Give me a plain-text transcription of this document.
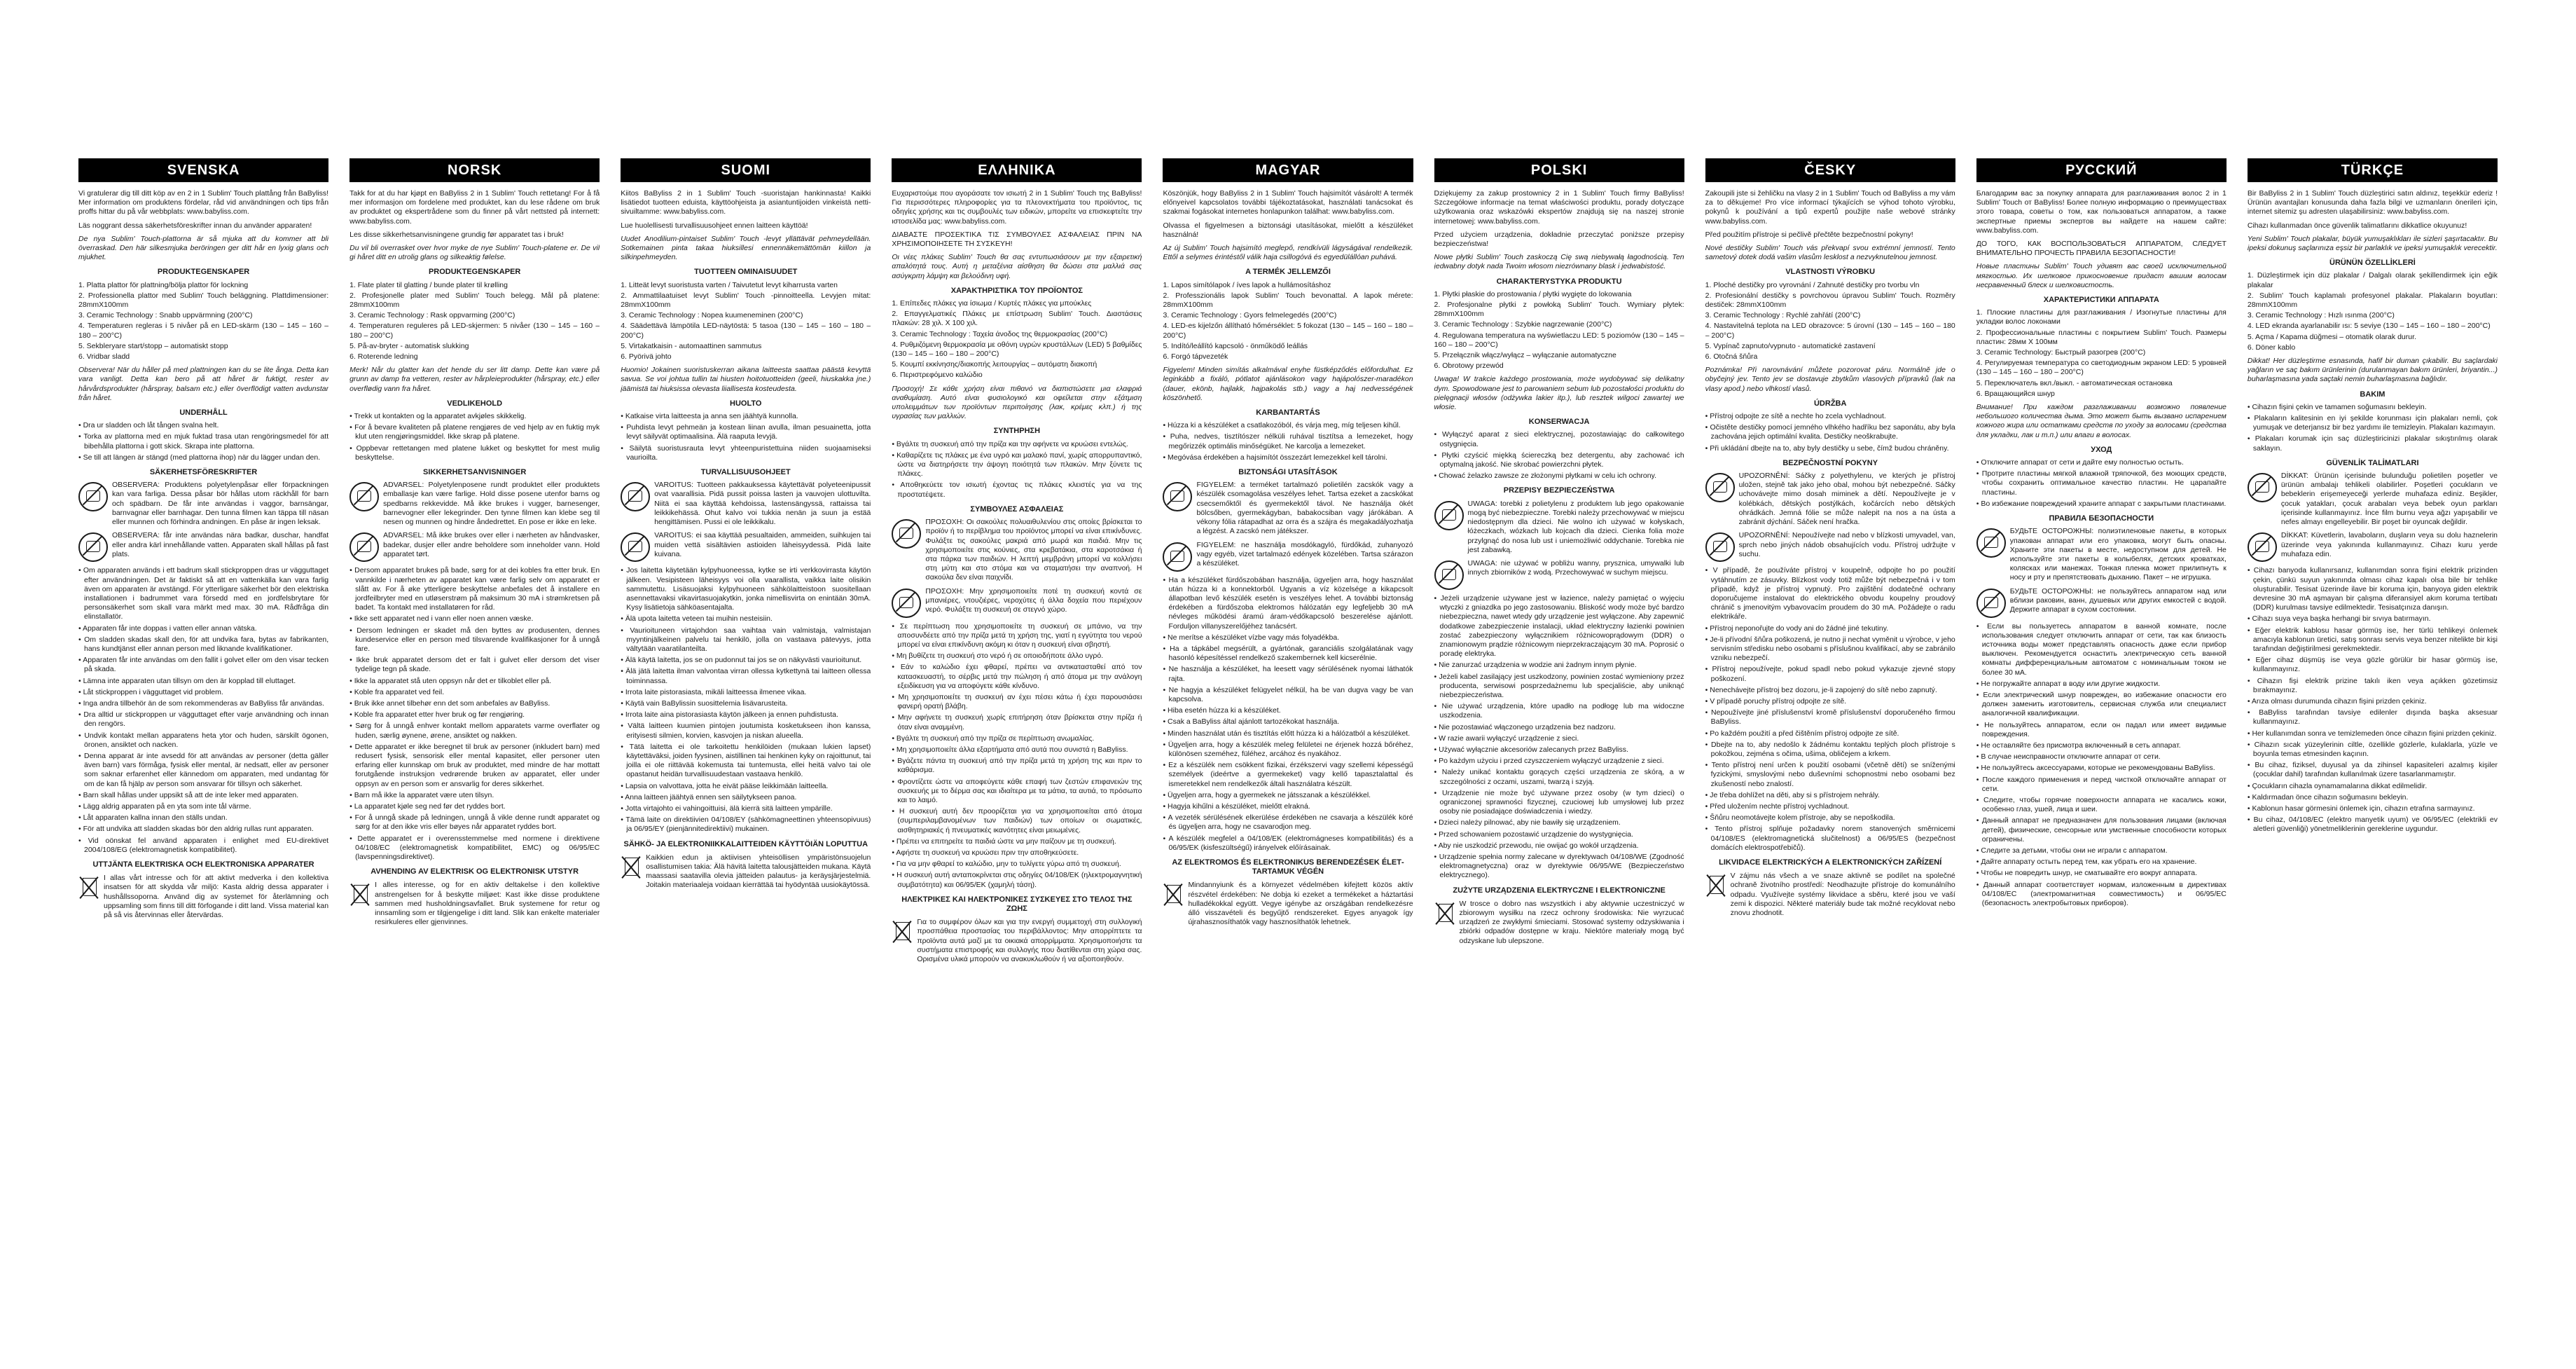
SVENSKA

Vi gratulerar dig till ditt köp av en 2 in 1 Sublim' Touch plattång från BaByliss! Mer information om produktens fördelar, råd vid användningen och tips från proffs hittar du på vår webbplats: www.babyliss.com.

Läs noggrant dessa säkerhetsföreskrifter innan du använder apparaten!

De nya Sublim' Touch-plattorna är så mjuka att du kommer att bli överraskad. Den här silkesmjuka beröringen ger ditt hår en lyxig glans och mjukhet.

PRODUKTEGENSKAPER
1. Platta plattor för plattning/bölja plattor för lockning
2. Professionella plattor med Sublim' Touch beläggning. Plattdimensioner: 28mmX100mm
3. Ceramic Technology : Snabb uppvärmning (200°C)
4. Temperaturen regleras i 5 nivåer på en LED-skärm (130 – 145 – 160 – 180 – 200°C)
5. Sekbleryare start/stopp – automatiskt stopp
6. Vridbar sladd

Observera! När du håller på med plattningen kan du se lite ånga. Detta kan vara vanligt. Detta kan bero på att håret är fuktigt, rester av hårvårdsprodukter (hårspray, balsam etc.) eller överflödigt vatten avdunstar från håret.

UNDERHÅLL
• Dra ur sladden och låt tången svalna helt.
• Torka av plattorna med en mjuk fuktad trasa utan rengöringsmedel för att bibehålla plattorna i gott skick. Skrapa inte plattorna.
• Se till att längen är stängd (med plattorna ihop) när du lägger undan den.
SÄKERHETSFÖRESKRIFTER
OBSERVERA: Produktens polyetylenpåsar eller förpackningen kan vara farliga. Dessa påsar bör hållas utom räckhåll för barn och spädbarn. De får inte användas i vaggor, barnsängar, barnvagnar eller barnhagar. Den tunna filmen kan täppa till näsan eller munnen och förhindra andningen. En påse är ingen leksak.
OBSERVERA: får inte användas nära badkar, duschar, handfat eller andra kärl innehållande vatten. Apparaten skall hållas på fast plats.
• Om apparaten används i ett badrum skall stickproppen dras ur vägguttaget efter användningen. Det är faktiskt så att en vattenkälla kan vara farlig även om apparaten är avstängd. För ytterligare säkerhet bör den elektriska installationen i badrummet vara försedd med en jordfelsbrytare för personsäkerhet som skall vara märkt med max. 30 mA. Rådfråga din elinstallatör.
• Apparaten får inte doppas i vatten eller annan vätska.
• Om sladden skadas skall den, för att undvika fara, bytas av fabrikanten, hans kundtjänst eller annan person med liknande kvalifikationer.
• Apparaten får inte användas om den fallit i golvet eller om den visar tecken på skada.
• Lämna inte apparaten utan tillsyn om den är kopplad till eluttaget.
• Låt stickproppen i vägguttaget vid problem.
• Inga andra tillbehör än de som rekommenderas av BaByliss får användas.
• Dra alltid ur stickproppen ur vägguttaget efter varje användning och innan den rengörs.
• Undvik kontakt mellan apparatens heta ytor och huden, särskilt ögonen, öronen, ansiktet och nacken.
• Denna apparat är inte avsedd för att användas av personer (detta gäller även barn) vars förmåga, fysisk eller mental, är nedsatt, eller av personer som saknar erfarenhet eller kännedom om apparaten, med undantag för om de kan få hjälp av person som ansvarar för tillsyn och säkerhet.
• Barn skall hållas under uppsikt så att de inte leker med apparaten.
• Lägg aldrig apparaten på en yta som inte tål värme.
• Låt apparaten kallna innan den ställs undan.
• För att undvika att sladden skadas bör den aldrig rullas runt apparaten.
• Vid oönskat fel använd apparaten i enlighet med EU-direktivet 2004/108/EG (elektromagnetisk kompatibilitet).
UTTJÄNTA ELEKTRISKA OCH ELEKTRONISKA APPARATER
I allas vårt intresse och för att aktivt medverka i den kollektiva insatsen för att skydda vår miljö: Kasta aldrig dessa apparater i hushållssoporna. Använd dig av systemet för återlämning och uppsamling som finns till ditt förfogande i ditt land. Vissa material kan på så vis återvinnas eller återvärdas.
NORSK

Takk for at du har kjøpt en BaByliss 2 in 1 Sublim' Touch rettetang! For å få mer informasjon om fordelene med produktet, kan du lese rådene om bruk av produktet og ekspertrådene som du finner på vårt nettsted på internett: www.babyliss.com.

Les disse sikkerhetsanvisningene grundig før apparatet tas i bruk!

Du vil bli overrasket over hvor myke de nye Sublim' Touch-platene er. De vil gi håret ditt en utrolig glans og silkeaktig følelse.

PRODUKTEGENSKAPER
1. Flate plater til glatting / bunde plater til krølling
2. Profesjonelle plater med Sublim' Touch belegg. Mål på platene: 28mmX100mm
3. Ceramic Technology : Rask oppvarming (200°C)
4. Temperaturen reguleres på LED-skjermen: 5 nivåer (130 – 145 – 160 – 180 – 200°C)
5. På-av-bryter - automatisk slukking
6. Roterende ledning

Merk! Når du glatter kan det hende du ser litt damp. Dette kan være på grunn av damp fra vetteren, rester av hårpleieprodukter (hårspray, etc.) eller overflødig vann fra håret.

VEDLIKEHOLD
• Trekk ut kontakten og la apparatet avkjøles skikkelig.
• For å bevare kvaliteten på platene rengjøres de ved hjelp av en fuktig myk klut uten rengjøringsmiddel. Ikke skrap på platene.
• Oppbevar rettetangen med platene lukket og beskyttet for mest mulig beskyttelse.
SIKKERHETSANVISNINGER
ADVARSEL: Polyetylenposene rundt produktet eller produktets emballasje kan være farlige. Hold disse posene utenfor barns og spedbarns rekkevidde. Må ikke brukes i vugger, barnesenger, barnevogner eller lekegrinder. Den tynne filmen kan klebe seg til nesen og munnen og hindre åndedrettet. En pose er ikke en leke.
ADVARSEL: Må ikke brukes over eller i nærheten av håndvasker, badekar, dusjer eller andre beholdere som inneholder vann. Hold apparatet tørt.
• Dersom apparatet brukes på bade, sørg for at dei kobles fra etter bruk. En vannkilde i nærheten av apparatet kan være farlig selv om apparatet er slått av. For å øke ytterligere beskyttelse anbefales det å installere en jordfeilbryter med en utløserstrøm på maksimum 30 mA i strømkretsen på badet. Ta kontakt med installatøren for råd.
• Ikke sett apparatet ned i vann eller noen annen væske.
• Dersom ledningen er skadet må den byttes av produsenten, dennes kundeservice eller en person med tilsvarende kvalifikasjoner for å unngå fare.
• Ikke bruk apparatet dersom det er falt i gulvet eller dersom det viser tydelige tegn på skade.
• Ikke la apparatet stå uten oppsyn når det er tilkoblet eller på.
• Koble fra apparatet ved feil.
• Bruk ikke annet tilbehør enn det som anbefales av BaByliss.
• Koble fra apparatet etter hver bruk og før rengjøring.
• Sørg for å unngå enhver kontakt mellom apparatets varme overflater og huden, særlig øynene, ørene, ansiktet og nakken.
• Dette apparatet er ikke beregnet til bruk av personer (inkludert barn) med redusert fysisk, sensorisk eller mental kapasitet, eller personer uten erfaring eller kunnskap om bruk av produktet, med mindre de har mottatt forutgående instruksjon vedrørende bruken av apparatet, eller under oppsyn av en person som er ansvarlig for deres sikkerhet.
• Barn må ikke la apparatet være uten tilsyn.
• La apparatet kjøle seg ned før det ryddes bort.
• For å unngå skade på ledningen, unngå å vikle denne rundt apparatet og sørg for at den ikke vris eller bøyes når apparatet ryddes bort.
• Dette apparatet er i overensstemmelse med normene i direktivene 04/108/EC (elektromagnetisk kompatibilitet, EMC) og 06/95/EC (lavspenningsdirektivet).
AVHENDING AV ELEKTRISK OG ELEKTRONISK UTSTYR
I alles interesse, og for en aktiv deltakelse i den kollektive anstrengelsen for å beskytte miljøet: Kast ikke disse produktene sammen med husholdningsavfallet. Bruk systemene for retur og innsamling som er tilgjengelige i ditt land. Slik kan enkelte materialer resirkuleres eller gjenvinnes.
SUOMI

Kiitos BaByliss 2 in 1 Sublim' Touch -suoristajan hankinnasta! Kaikki lisätiedot tuotteen eduista, käyttöohjeista ja asiantuntijoiden vinkeistä nettisivuiltamme: www.babyliss.com.

Lue huolellisesti turvallisuusohjeet ennen laitteen käyttöä!

Uudet Anodilium-pintaiset Sublim' Touch -levyt yllättävät pehmeydellään. Sotkemainen pinta takaa hiuksillesi ennennäkemättömän kiillon ja silkinpehmeyden.

TUOTTEEN OMINAISUUDET
1. Litteät levyt suoristusta varten / Taivutetut levyt kiharrusta varten
2. Ammattilaatuiset levyt Sublim' Touch -pinnoitteella. Levyjen mitat: 28mmX100mm
3. Ceramic Technology : Nopea kuumeneminen (200°C)
4. Säädettävä lämpötila LED-näytöstä: 5 tasoa (130 – 145 – 160 – 180 – 200°C)
5. Virtakatkaisin - automaattinen sammutus
6. Pyörivä johto

Huomio! Jokainen suoristuskerran aikana laitteesta saattaa päästä kevyttä savua. Se voi johtua tullin tai hiusten hoitotuotteiden (geeli, hiuskakka jne.) jäämistä tai hiuksissa olevasta liiallisesta kosteudesta.

HUOLTO
• Katkaise virta laitteesta ja anna sen jäähtyä kunnolla.
• Puhdista levyt pehmeän ja kostean liinan avulla, ilman pesuainetta, jotta levyt säilyvät optimaalisina. Älä raaputa levyjä.
• Säilytä suoristusrauta levyt yhteenpuristettuina niiden suojaamiseksi vaurioilta.
TURVALLISUUSOHJEET
VAROITUS: Tuotteen pakkauksessa käytettävät polyeteenipussit ovat vaarallisia. Pidä pussit poissa lasten ja vauvojen ulottuvilta. Niitä ei saa käyttää kehdoissa, lastensängyssä, rattaissa tai leikkikehässä. Ohut kalvo voi tukkia nenän ja suun ja estää hengittämisen. Pussi ei ole leikkikalu.
VAROITUS: ei saa käyttää pesualtaiden, ammeiden, suihkujen tai muiden vettä sisältävien astioiden läheisyydessä. Pidä laite kuivana.
• Jos laitetta käytetään kylpyhuoneessa, kytke se irti verkkovirrasta käytön jälkeen. Vesipisteen läheisyys voi olla vaarallista, vaikka laite olisikin sammutettu. Lisäsuojaksi kylpyhuoneen sähkölaitteistoon suositellaan asennettavaksi vikavirtasuojakytkin, jonka nimellisvirta on enintään 30mA. Kysy lisätietoja sähköasentajalta.
• Älä upota laitetta veteen tai muihin nesteisiin.
• Vaurioituneen virtajohdon saa vaihtaa vain valmistaja, valmistajan myyntinjälkeinen palvelu tai henkilö, jolla on vastaava pätevyys, jotta vältytään vaaratilanteilta.
• Älä käytä laitetta, jos se on pudonnut tai jos se on näkyvästi vaurioitunut.
• Älä jätä laitetta ilman valvontaa virran ollessa kytkettynä tai laitteen ollessa toiminnassa.
• Irrota laite pistorasiasta, mikäli laitteessa ilmenee vikaa.
• Käytä vain BaBylissin suosittelemia lisävarusteita.
• Irrota laite aina pistorasiasta käytön jälkeen ja ennen puhdistusta.
• Vältä laitteen kuumien pintojen joutumista kosketukseen ihon kanssa, erityisesti silmien, korvien, kasvojen ja niskan alueella.
• Tätä laitetta ei ole tarkoitettu henkilöiden (mukaan lukien lapset) käytettäväksi, joiden fyysinen, aistillinen tai henkinen kyky on rajoittunut, tai joilla ei ole riittävää kokemusta tai tuntemusta, ellei heitä valvo tai ole opastanut heidän turvallisuudestaan vastaava henkilö.
• Lapsia on valvottava, jotta he eivät pääse leikkimään laitteella.
• Anna laitteen jäähtyä ennen sen säilytykseen panoa.
• Jotta virtajohto ei vahingoittuisi, älä kierrä sitä laitteen ympärille.
• Tämä laite on direktiivien 04/108/EY (sähkömagneettinen yhteensopivuus) ja 06/95/EY (pienjännitedirektiivi) mukainen.
SÄHKÖ- JA ELEKTRONIIKKALAITTEIDEN KÄYTTÖIÄN LOPUTTUA
Kaikkien edun ja aktiivisen yhteisöllisen ympäristönsuojelun osallistumisen takia: Älä hävitä laitetta talousjätteiden mukana. Käytä maassasi saatavilla olevia jätteiden palautus- ja keräysjärjestelmiä. Joitakin materiaaleja voidaan kierrättää tai hyödyntää uusiokäytössä.
ΕΛΛΗΝΙΚΑ

Ευχαριστούμε που αγοράσατε τον ισιωτή 2 in 1 Sublim' Touch της BaByliss! Για περισσότερες πληροφορίες για τα πλεονεκτήματα του προϊόντος, τις οδηγίες χρήσης και τις συμβουλές των ειδικών, μπορείτε να επισκεφτείτε την ιστοσελίδα μας: www.babyliss.com.

ΔΙΑΒΑΣΤΕ ΠΡΟΣΕΚΤΙΚΑ ΤΙΣ ΣΥΜΒΟΥΛΕΣ ΑΣΦΑΛΕΙΑΣ ΠΡΙΝ ΝΑ ΧΡΗΣΙΜΟΠΟΙΗΣΕΤΕ ΤΗ ΣΥΣΚΕΥΗ!

Οι νέες πλάκες Sublim' Touch θα σας εντυπωσιάσουν με την εξαιρετική απαλότητά τους. Αυτή η μεταξένια αίσθηση θα δώσει στα μαλλιά σας ασύγκριτη λάμψη και βελούδινη υφή.

ΧΑΡΑΚΤΗΡΙΣΤΙΚΑ ΤΟΥ ΠΡΟΪΟΝΤΟΣ
1. Επίπεδες πλάκες για ίσιωμα / Κυρτές πλάκες για μπούκλες
2. Επαγγελματικές Πλάκες με επίστρωση Sublim' Touch. Διαστάσεις πλακών: 28 χιλ. Χ 100 χιλ.
3. Ceramic Technology : Ταχεία άνοδος της θερμοκρασίας (200°C)
4. Ρυθμιζόμενη θερμοκρασία με οθόνη υγρών κρυστάλλων (LED) 5 βαθμίδες (130 – 145 – 160 – 180 – 200°C)
5. Κουμπί εκκίνησης/διακοπής λειτουργίας – αυτόματη διακοπή
6. Περιστρεφόμενο καλώδιο

Προσοχή! Σε κάθε χρήση είναι πιθανό να διαπιστώσετε μια ελαφριά αναθυμίαση. Αυτό είναι φυσιολογικό και οφείλεται στην εξάτμιση υπολειμμάτων των προϊόντων περιποίησης (λακ, κρέμες κλπ.) ή της υγρασίας των μαλλιών.

ΣΥΝΤΗΡΗΣΗ
• Βγάλτε τη συσκευή από την πρίζα και την αφήνετε να κρυώσει εντελώς.
• Καθαρίζετε τις πλάκες με ένα υγρό και μαλακό πανί, χωρίς απορρυπαντικό, ώστε να διατηρήσετε την άψογη ποιότητά των πλακών. Μην ξύνετε τις πλάκες.
• Αποθηκεύετε τον ισιωτή έχοντας τις πλάκες κλειστές για να της προστατέψετε.
ΣΥΜΒΟΥΛΕΣ ΑΣΦΑΛΕΙΑΣ
ΠΡΟΣΟΧΗ: Οι σακούλες πολυαιθυλενίου στις οποίες βρίσκεται το προϊόν ή το περίβλημα του προϊόντος μπορεί να είναι επικίνδυνες. Φυλάξτε τις σακούλες μακριά από μωρά και παιδιά. Μην τις χρησιμοποιείτε στις κούνιες, στα κρεβατάκια, στα καροτσάκια ή στα πάρκα των παιδιών. Η λεπτή μεμβράνη μπορεί να κολλήσει στη μύτη και στο στόμα και να σταματήσει την αναπνοή. Η σακούλα δεν είναι παιχνίδι.
ΠΡΟΣΟΧΗ: Μην χρησιμοποιείτε ποτέ τη συσκευή κοντά σε μπανιέρες, ντουζιέρες, νεροχύτες ή άλλα δοχεία που περιέχουν νερό. Φυλάξτε τη συσκευή σε στεγνό χώρο.
• Σε περίπτωση που χρησιμοποιείτε τη συσκευή σε μπάνιο, να την αποσυνδέετε από την πρίζα μετά τη χρήση της, γιατί η εγγύτητα του νερού μπορεί να είναι επικίνδυνη ακόμη κι όταν η συσκευή είναι σβηστή.
• Μη βυθίζετε τη συσκευή στο νερό ή σε οποιοδήποτε άλλο υγρό.
• Εάν το καλώδιο έχει φθαρεί, πρέπει να αντικατασταθεί από τον κατασκευαστή, το σέρβις μετά την πώληση ή από άτομα με την ανάλογη εξειδίκευση για να αποφύγετε κάθε κίνδυνο.
• Μη χρησιμοποιείτε τη συσκευή αν έχει πέσει κάτω ή έχει παρουσιάσει φανερή ορατή βλάβη.
• Μην αφήνετε τη συσκευή χωρίς επιτήρηση όταν βρίσκεται στην πρίζα ή όταν είναι αναμμένη.
• Βγάλτε τη συσκευή από την πρίζα σε περίπτωση ανωμαλίας.
• Μη χρησιμοποιείτε άλλα εξαρτήματα από αυτά που συνιστά η BaByliss.
• Βγάζετε πάντα τη συσκευή από την πρίζα μετά τη χρήση της και πριν το καθάρισμα.
• Φροντίζετε ώστε να αποφεύγετε κάθε επαφή των ζεστών επιφανειών της συσκευής με το δέρμα σας και ιδιαίτερα με τα μάτια, τα αυτιά, το πρόσωπο και το λαιμό.
• Η συσκευή αυτή δεν προορίζεται για να χρησιμοποιείται από άτομα (συμπεριλαμβανομένων των παιδιών) των οποίων οι σωματικές, αισθητηριακές ή πνευματικές ικανότητες είναι μειωμένες.
• Πρέπει να επιτηρείτε τα παιδιά ώστε να μην παίζουν με τη συσκευή.
• Αφήστε τη συσκευή να κρυώσει πριν την αποθηκεύσετε.
• Για να μην φθαρεί το καλώδιο, μην το τυλίγετε γύρω από τη συσκευή.
• Η συσκευή αυτή ανταποκρίνεται στις οδηγίες 04/108/ΕΚ (ηλεκτρομαγνητική συμβατότητα) και 06/95/ΕΚ (χαμηλή τάση).
ΗΛΕΚΤΡΙΚΕΣ ΚΑΙ ΗΛΕΚΤΡΟΝΙΚΕΣ ΣΥΣΚΕΥΕΣ ΣΤΟ ΤΕΛΟΣ ΤΗΣ ΖΩΗΣ
Για το συμφέρον όλων και για την ενεργή συμμετοχή στη συλλογική προσπάθεια προστασίας του περιβάλλοντος: Μην απορρίπτετε τα προϊόντα αυτά μαζί με τα οικιακά απορρίμματα. Χρησιμοποιήστε τα συστήματα επιστροφής και συλλογής που διατίθενται στη χώρα σας. Ορισμένα υλικά μπορούν να ανακυκλωθούν ή να αξιοποιηθούν.
MAGYAR

Köszönjük, hogy BaByliss 2 in 1 Sublim' Touch hajsimítót vásárolt! A termék előnyeivel kapcsolatos további tájékoztatásokat, használati tanácsokat és szakmai fogásokat internetes honlapunkon találhat: www.babyliss.com.

Olvassa el figyelmesen a biztonsági utasításokat, mielőtt a készüléket használná!

Az új Sublim' Touch hajsimító meglepő, rendkívüli lágyságával rendelkezik. Ettől a selymes érintéstől válik haja csillogóvá és egyedülállóan puhává.

A TERMÉK JELLEMZŐI
1. Lapos simítólapok / íves lapok a hullámosításhoz
2. Professzionális lapok Sublim' Touch bevonattal. A lapok mérete: 28mmX100mm
3. Ceramic Technology : Gyors felmelegedés (200°C)
4. LED-es kijelzőn állítható hőmérséklet: 5 fokozat (130 – 145 – 160 – 180 – 200°C)
5. Indító/leállító kapcsoló - önműködő leállás
6. Forgó tápvezeték

Figyelem! Minden simítás alkalmával enyhe füstképződés előfordulhat. Ez leginkább a fixáló, pótlatot ajánlásokon vagy hajápolószer-maradékon (dauer, ekönb, hajlakk, hajpakolás stb.) vagy a haj nedvességének köszönhető.

KARBANTARTÁS
• Húzza ki a készüléket a csatlakozóból, és várja meg, míg teljesen kihűl.
• Puha, nedves, tisztítószer nélküli ruhával tisztítsa a lemezeket, hogy megőrizzék optimális minőségüket. Ne karcolja a lemezeket.
• Megóvása érdekében a hajsimítót összezárt lemezekkel kell tárolni.
BIZTONSÁGI UTASÍTÁSOK
FIGYELEM: a terméket tartalmazó polietilén zacskók vagy a készülék csomagolása veszélyes lehet. Tartsa ezeket a zacskókat csecsemőktől és gyermekektől távol. Ne használja ökét bölcsőben, gyermekágyban, babakocsiban vagy járókában. A vékony fólia rátapadhat az orra és a szájra és megakadályozhatja a légzést. A zacskó nem játékszer.
FIGYELEM: ne használja mosdókagyló, fürdőkád, zuhanyozó vagy egyéb, vizet tartalmazó edények közelében. Tartsa szárazon a készüléket.
• Ha a készüléket fürdőszobában használja, ügyeljen arra, hogy használat után húzza ki a konnektorból. Ugyanis a víz közelsége a kikapcsolt állapotban levő készülék esetén is veszélyes lehet. A további biztonság érdekében a fürdőszoba elektromos hálózatán egy legfeljebb 30 mA névleges működési áramú áram-védőkapcsoló beszerelése ajánlott. Forduljon villanyszerelőjéhez tanácsért.
• Ne merítse a készüléket vízbe vagy más folyadékba.
• Ha a tápkábel megsérült, a gyártónak, garanciális szolgálatának vagy hasonló képesítéssel rendelkező szakembernek kell kicserélnie.
• Ne használja a készüléket, ha leesett vagy sérülésének nyomai láthatók rajta.
• Ne hagyja a készüléket felügyelet nélkül, ha be van dugva vagy be van kapcsolva.
• Hiba esetén húzza ki a készüléket.
• Csak a BaByliss által ajánlott tartozékokat használja.
• Minden használat után és tisztítás előtt húzza ki a hálózatból a készüléket.
• Ügyeljen arra, hogy a készülék meleg felületei ne érjenek hozzá bőréhez, különösen szeméhez, füléhez, arcához és nyakához.
• Ez a készülék nem csökkent fizikai, érzékszervi vagy szellemi képességű személyek (ideértve a gyermekeket) vagy kellő tapasztalattal és ismeretekkel nem rendelkezők általi használatra készült.
• Ügyeljen arra, hogy a gyermekek ne játsszanak a készülékkel.
• Hagyja kihűlni a készüléket, mielőtt elrakná.
• A vezeték sérülésének elkerülése érdekében ne csavarja a készülék köré és ügyeljen arra, hogy ne csavarodjon meg.
• A készülék megfelel a 04/108/EK (elektromágneses kompatibilitás) és a 06/95/EK (kisfeszültségű) irányelvek előírásainak.
AZ ELEKTROMOS ÉS ELEKTRONIKUS BERENDEZÉSEK ÉLETTARTAMUK VÉGÉN
Mindannyiunk és a környezet védelmében kifejtett közös aktív részvétel érdekében: Ne dobja ki ezeket a termékeket a háztartási hulladékokkal együtt. Vegye igénybe az országában rendelkezésre álló visszavételi és begyűjtő rendszereket. Egyes anyagok így újrahasznosíthatók vagy hasznosíthatók lehetnek.
POLSKI

Dziękujemy za zakup prostownicy 2 in 1 Sublim' Touch firmy BaByliss! Szczegółowe informacje na temat właściwości produktu, porady dotyczące użytkowania oraz wskazówki ekspertów znajdują się na naszej stronie internetowej: www.babyliss.com.

Przed użyciem urządzenia, dokładnie przeczytać poniższe przepisy bezpieczeństwa!

Nowe płytki Sublim' Touch zaskoczą Cię swą niebywałą łagodnością. Ten jedwabny dotyk nada Twoim włosom niezrównany blask i jedwabistość.

CHARAKTERYSTYKA PRODUKTU
1. Płytki płaskie do prostowania / płytki wygięte do lokowania
2. Profesjonalne płytki z powłoką Sublim' Touch. Wymiary płytek: 28mmX100mm
3. Ceramic Technology : Szybkie nagrzewanie (200°C)
4. Regulowana temperatura na wyświetlaczu LED: 5 poziomów (130 – 145 – 160 – 180 – 200°C)
5. Przełącznik włącz/wyłącz – wyłączanie automatyczne
6. Obrotowy przewód

Uwaga! W trakcie każdego prostowania, może wydobywać się delikatny dym. Spowodowane jest to parowaniem sebum lub pozostałości produktu do pielęgnacji włosów (odżywka lakier itp.), lub resztek wilgoci zawartej we włosie.

KONSERWACJA
• Wyłączyć aparat z sieci elektrycznej, pozostawiając do całkowitego ostygnięcia.
• Płytki czyścić miękką ściereczką bez detergentu, aby zachować ich optymalną jakość. Nie skrobać powierzchni płytek.
• Chować żelazko zawsze ze złożonymi płytkami w celu ich ochrony.
PRZEPISY BEZPIECZEŃSTWA
UWAGA: torebki z polietylenu z produktem lub jego opakowanie mogą być niebezpieczne. Torebki należy przechowywać w miejscu niedostępnym dla dzieci. Nie wolno ich używać w kołyskach, łóżeczkach, wózkach lub kojcach dla dzieci. Cienka folia może przylgnąć do nosa lub ust i uniemożliwić oddychanie. Torebka nie jest zabawką.
UWAGA: nie używać w pobliżu wanny, prysznica, umywalki lub innych zbiorników z wodą. Przechowywać w suchym miejscu.
• Jeżeli urządzenie używane jest w łazience, należy pamiętać o wyjęciu wtyczki z gniazdka po jego zastosowaniu. Bliskość wody może być bardzo niebezpieczna, nawet wtedy gdy urządzenie jest wyłączone. Aby zapewnić dodatkowe zabezpieczenie instalacji, układ elektryczny łazienki powinien zostać zabezpieczony wyłącznikiem różnicowoprądowym (DDR) o znamionowym prądzie różnicowym nieprzekraczającym 30 mA. Poprosić o poradę elektryka.
• Nie zanurzać urządzenia w wodzie ani żadnym innym płynie.
• Jeżeli kabel zasilający jest uszkodzony, powinien zostać wymieniony przez producenta, serwisowi posprzedażnemu lub specjaliście, aby uniknąć niebezpieczeństwa.
• Nie używać urządzenia, które upadło na podłogę lub ma widoczne uszkodzenia.
• Nie pozostawiać włączonego urządzenia bez nadzoru.
• W razie awarii wyłączyć urządzenie z sieci.
• Używać wyłącznie akcesoriów zalecanych przez BaByliss.
• Po każdym użyciu i przed czyszczeniem wyłączyć urządzenie z sieci.
• Należy unikać kontaktu gorących części urządzenia ze skórą, a w szczególności z oczami, uszami, twarzą i szyją.
• Urządzenie nie może być używane przez osoby (w tym dzieci) o ograniczonej sprawności fizycznej, czuciowej lub umysłowej lub przez osoby nie posiadające doświadczenia i wiedzy.
• Dzieci należy pilnować, aby nie bawiły się urządzeniem.
• Przed schowaniem pozostawić urządzenie do wystygnięcia.
• Aby nie uszkodzić przewodu, nie owijać go wokół urządzenia.
• Urządzenie spełnia normy zalecane w dyrektywach 04/108/WE (Zgodność elektromagnetyczna) oraz w dyrektywie 06/95/WE (Bezpieczeństwo elektrycznego).
ZUŻYTE URZĄDZENIA ELEKTRYCZNE I ELEKTRONICZNE
W trosce o dobro nas wszystkich i aby aktywnie uczestniczyć w zbiorowym wysiłku na rzecz ochrony środowiska: Nie wyrzucać urządzeń ze zwykłymi śmieciami. Stosować systemy odzyskiwania i zbiórki odpadów dostępne w kraju. Niektóre materiały mogą być odzyskane lub ulepszone.
ČESKY

Zakoupili jste si žehličku na vlasy 2 in 1 Sublim' Touch od BaByliss a my vám za to děkujeme! Pro více informací týkajících se výhod tohoto výrobku, pokynů k používání a tipů expertů použijte naše webové stránky www.babyliss.com.

Před použitím přístroje si pečlivě přečtěte bezpečnostní pokyny!

Nové destičky Sublim' Touch vás překvapí svou extrémní jemností. Tento sametový dotek dodá vašim vlasům lesklost a nezvyknutelnou jemnost.

VLASTNOSTI VÝROBKU
1. Ploché destičky pro vyrovnání / Zahnuté destičky pro tvorbu vln
2. Profesionální destičky s povrchovou úpravou Sublim' Touch. Rozměry destiček: 28mmX100mm
3. Ceramic Technology : Rychlé zahřátí (200°C)
4. Nastavitelná teplota na LED obrazovce: 5 úrovní (130 – 145 – 160 – 180 – 200°C)
5. Vypínač zapnuto/vypnuto - automatické zastavení
6. Otočná šňůra

Poznámka! Při narovnávání můžete pozorovat páru. Normálně jde o obyčejný jev. Tento jev se dostavuje zbytkům vlasových přípravků (lak na vlasy apod.) nebo vlhkostí vlasů.

ÚDRŽBA
• Přístroj odpojte ze sítě a nechte ho zcela vychladnout.
• Očistěte destičky pomocí jemného vlhkého hadříku bez saponátu, aby byla zachována jejich optimální kvalita. Destičky neoškrabujte.
• Při ukládání dbejte na to, aby byly destičky u sebe, čímž budou chráněny.
BEZPEČNOSTNÍ POKYNY
UPOZORNĚNÍ: Sáčky z polyethylenu, ve kterých je přístroj uložen, stejně tak jako jeho obal, mohou být nebezpečné. Sáčky uchovávejte mimo dosah miminek a dětí. Nepoužívejte je v kolébkách, dětských postýlkách, kočárcích nebo dětských ohrádkách. Jemná fólie se může nalepit na nos a na ústa a zabránit dýchání. Sáček není hračka.
UPOZORNĚNÍ: Nepoužívejte nad nebo v blízkosti umyvadel, van, sprch nebo jiných nádob obsahujících vodu. Přístroj udržujte v suchu.
• V případě, že používáte přístroj v koupelně, odpojte ho po použití vytáhnutím ze zásuvky. Blízkost vody totiž může být nebezpečná i v tom případě, když je přístroj vypnutý. Pro zajištění dodatečné ochrany doporučujeme instalovat do elektrického obvodu koupelny proudový chránič s jmenovitým vybavovacím proudem do 30 mA. Požádejte o radu elektrikáře.
• Přístroj neponořujte do vody ani do žádné jiné tekutiny.
• Je-li přívodní šňůra poškozená, je nutno ji nechat vyměnit u výrobce, v jeho servisním středisku nebo osobami s příslušnou kvalifikací, aby se zabránilo vzniku nebezpečí.
• Přístroj nepoužívejte, pokud spadl nebo pokud vykazuje zjevné stopy poškození.
• Nenechávejte přístroj bez dozoru, je-li zapojený do sítě nebo zapnutý.
• V případě poruchy přístroj odpojte ze sítě.
• Nepoužívejte jiné příslušenství kromě příslušenství doporučeného firmou BaByliss.
• Po každém použití a před čištěním přístroj odpojte ze sítě.
• Dbejte na to, aby nedošlo k žádnému kontaktu teplých ploch přístroje s pokožkou, zejména s očima, ušima, obličejem a krkem.
• Tento přístroj není určen k použití osobami (včetně dětí) se sníženými fyzickými, smyslovými nebo duševními schopnostmi nebo osobami bez zkušeností nebo znalostí.
• Je třeba dohlížet na děti, aby si s přístrojem nehrály.
• Před uložením nechte přístroj vychladnout.
• Šňůru neomotávejte kolem přístroje, aby se nepoškodila.
• Tento přístroj splňuje požadavky norem stanovených směrnicemi 04/108/ES (elektromagnetická slučitelnost) a 06/95/ES (bezpečnost domácích elektrospotřebičů).
LIKVIDACE ELEKTRICKÝCH A ELEKTRONICKÝCH ZAŘÍZENÍ
V zájmu nás všech a ve snaze aktivně se podílet na společné ochraně životního prostředí: Neodhazujte přístroje do komunálního odpadu. Využívejte systémy likvidace a sběru, které jsou ve vaší zemi k dispozici. Některé materiály bude tak možné recyklovat nebo znovu zhodnotit.
РУССКИЙ

Благодарим вас за покупку аппарата для разглаживания волос 2 in 1 Sublim' Touch от BaByliss! Более полную информацию о преимуществах этого товара, советы о том, как пользоваться аппаратом, а также экспертные приемы экспертов вы найдете на нашем сайте: www.babyliss.com.

ДО ТОГО, КАК ВОСПОЛЬЗОВАТЬСЯ АППАРАТОМ, СЛЕДУЕТ ВНИМАТЕЛЬНО ПРОЧЕСТЬ ПРАВИЛА БЕЗОПАСНОСТИ!

Новые пластины Sublim' Touch удивят вас своей исключительной мягкостью. Их шелковое прикосновение придаст вашим волосам несравненный блеск и шелковистость.

ХАРАКТЕРИСТИКИ АППАРАТА
1. Плоские пластины для разглаживания / Изогнутые пластины для укладки волос локонами
2. Профессиональные пластины с покрытием Sublim' Touch. Размеры пластин: 28мм X 100мм
3. Ceramic Technology: Быстрый разогрев (200°C)
4. Регулируемая температура со светодиодным экраном LED: 5 уровней (130 – 145 – 160 – 180 – 200°C)
5. Переключатель вкл./выкл. - автоматическая остановка
6. Вращающийся шнур

Внимание! При каждом разглаживании возможно появление небольшого количества дыма. Это может быть вызвано испарением кожного жира или остатками средств по уходу за волосами (средства для укладки, лак и т.п.) или влаги в волосах.

УХОД
• Отключите аппарат от сети и дайте ему полностью остыть.
• Протрите пластины мягкой влажной тряпочкой, без моющих средств, чтобы сохранить оптимальное качество пластин. Не царапайте пластины.
• Во избежание повреждений храните аппарат с закрытыми пластинами.
ПРАВИЛА БЕЗОПАСНОСТИ
БУДЬТЕ ОСТОРОЖНЫ: полиэтиленовые пакеты, в которых упакован аппарат или его упаковка, могут быть опасны. Храните эти пакеты в месте, недоступном для детей. Не используйте эти пакеты в колыбелях, детских кроватках, колясках или манежах. Тонкая пленка может прилипнуть к носу и рту и препятствовать дыханию. Пакет – не игрушка.
БУДЬТЕ ОСТОРОЖНЫ: не пользуйтесь аппаратом над или вблизи раковин, ванн, душевых или других емкостей с водой. Держите аппарат в сухом состоянии.
• Если вы пользуетесь аппаратом в ванной комнате, после использования следует отключить аппарат от сети, так как близость источника воды может представлять опасность даже если прибор выключен. Рекомендуется оснастить электрическую сеть ванной комнаты дифференциальным автоматом с номинальным током не более 30 мА.
• Не погружайте аппарат в воду или другие жидкости.
• Если электрический шнур поврежден, во избежание опасности его должен заменить изготовитель, сервисная служба или специалист аналогичной квалификации.
• Не пользуйтесь аппаратом, если он падал или имеет видимые повреждения.
• Не оставляйте без присмотра включенный в сеть аппарат.
• В случае неисправности отключите аппарат от сети.
• Не пользуйтесь аксессуарами, которые не рекомендованы BaByliss.
• После каждого применения и перед чисткой отключайте аппарат от сети.
• Следите, чтобы горячие поверхности аппарата не касались кожи, особенно глаз, ушей, лица и шеи.
• Данный аппарат не предназначен для пользования лицами (включая детей), физические, сенсорные или умственные способности которых ограничены.
• Следите за детьми, чтобы они не играли с аппаратом.
• Дайте аппарату остыть перед тем, как убрать его на хранение.
• Чтобы не повредить шнур, не сматывайте его вокруг аппарата.
• Данный аппарат соответствует нормам, изложенным в директивах 04/108/EC (электромагнитная совместимость) и 06/95/EC (безопасность электробытовых приборов).
TÜRKÇE

Bir BaByliss 2 in 1 Sublim' Touch düzleştirici satın aldınız, teşekkür ederiz ! Ürünün avantajları konusunda daha fazla bilgi ve uzmanların önerileri için, internet sitemiz şu adresten ulaşabilirsiniz: www.babyliss.com.

Cihazı kullanmadan önce güvenlik talimatlarını dikkatlice okuyunuz!

Yeni Sublim' Touch plakalar, büyük yumuşaklıkları ile sizleri şaşırtacaktır. Bu ipeksi dokunuş saçlarınıza eşsiz bir parlaklık ve ipeksi yumuşaklık verecektir.

ÜRÜNÜN ÖZELLİKLERİ
1. Düzleştirmek için düz plakalar / Dalgalı olarak şekillendirmek için eğik plakalar
2. Sublim' Touch kaplamalı profesyonel plakalar. Plakaların boyutları: 28mmX100mm
3. Ceramic Technology : Hızlı ısınma (200°C)
4. LED ekranda ayarlanabilir ısı: 5 seviye (130 – 145 – 160 – 180 – 200°C)
5. Açma / Kapama düğmesi – otomatik olarak durur.
6. Döner kablo

Dikkat! Her düzleştirme esnasında, hafif bir duman çıkabilir. Bu saçlardaki yağların ve saç bakım ürünlerinin (durulanmayan bakım ürünleri, briyantin...) buharlaşmasına yada saçtaki nemin buharlaşmasına bağlıdır.

BAKIM
• Cihazın fişini çekin ve tamamen soğumasını bekleyin.
• Plakaların kalitesinin en iyi şekilde korunması için plakaları nemli, çok yumuşak ve deterjansız bir bez yardımı ile temizleyin. Plakaları kazımayın.
• Plakaları korumak için saç düzleştiricinizi plakalar sıkıştırılmış olarak saklayın.
GÜVENLİK TALİMATLARI
DİKKAT: Ürünün içerisinde bulunduğu polietilen poşetler ve ürünün ambalajı tehlikeli olabilirler. Poşetleri çocukların ve bebeklerin erişemeyeceği yerlerde muhafaza ediniz. Beşikler, çocuk yatakları, çocuk arabaları veya bebek oyun parkları içerisinde kullanmayınız. İnce film burnu veya ağzı yapışabilir ve nefes almayı engelleyebilir. Bir poşet bir oyuncak değildir.
DİKKAT: Küvetlerin, lavaboların, duşların veya su dolu haznelerin üzerinde veya yakınında kullanmayınız. Cihazı kuru yerde muhafaza edin.
• Cihazı banyoda kullanırsanız, kullanımdan sonra fişini elektrik prizinden çekin, çünkü suyun yakınında olması cihaz kapalı olsa bile bir tehlike oluşturabilir. Tesisat üzerinde ilave bir koruma için, banyoya giden elektrik devresine 30 mA aşmayan bir çalışma diferansiyel akım koruma tertibatı (DDR) kurulması tavsiye edilmektedir. Tesisatçınıza danışın.
• Cihazı suya veya başka herhangi bir sıvıya batırmayın.
• Eğer elektrik kablosu hasar görmüş ise, her türlü tehlikeyi önlemek amacıyla kablonun üretici, satış sonrası servis veya benzer nitelikte bir kişi tarafından değiştirilmesi gerekmektedir.
• Eğer cihaz düşmüş ise veya gözle görülür bir hasar görmüş ise, kullanmayınız.
• Cihazın fişi elektrik prizine takılı iken veya açıkken gözetimsiz bırakmayınız.
• Arıza olması durumunda cihazın fişini prizden çekiniz.
• BaByliss tarafından tavsiye edilenler dışında başka aksesuar kullanmayınız.
• Her kullanımdan sonra ve temizlemeden önce cihazın fişini prizden çekiniz.
• Cihazın sıcak yüzeylerinin ciltle, özellikle gözlerle, kulaklarla, yüzle ve boyunla temas etmesinden kaçının.
• Bu cihaz, fiziksel, duyusal ya da zihinsel kapasiteleri azalmış kişiler (çocuklar dahil) tarafından kullanılmak üzere tasarlanmamıştır.
• Çocukların cihazla oynamamalarına dikkat edilmelidir.
• Kaldırmadan önce cihazın soğumasını bekleyin.
• Kablonun hasar görmesini önlemek için, cihazın etrafına sarmayınız.
• Bu cihaz, 04/108/EC (elektro manyetik uyum) ve 06/95/EC (elektrikli ev aletleri güvenliği) yönetmeliklerinin gereklerine uygundur.
